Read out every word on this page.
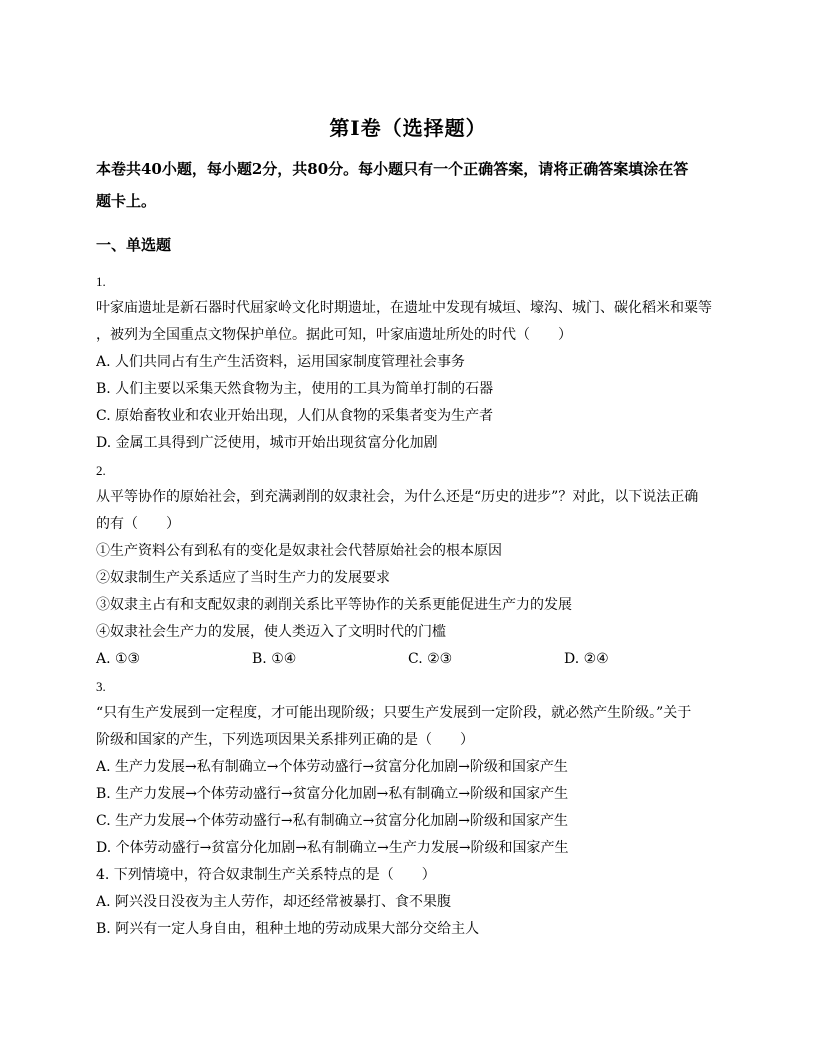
第Ⅰ卷（选择题）
本卷共40小题，每小题2分，共80分。每小题只有一个正确答案，请将正确答案填涂在答
题卡上。
一、单选题
1.
叶家庙遗址是新石器时代屈家岭文化时期遗址，在遗址中发现有城垣、壕沟、城门、碳化稻米和粟等
，被列为全国重点文物保护单位。据此可知，叶家庙遗址所处的时代（　　）
A. 人们共同占有生产生活资料，运用国家制度管理社会事务
B. 人们主要以采集天然食物为主，使用的工具为简单打制的石器
C. 原始畜牧业和农业开始出现，人们从食物的采集者变为生产者
D. 金属工具得到广泛使用，城市开始出现贫富分化加剧
2.
从平等协作的原始社会，到充满剥削的奴隶社会，为什么还是“历史的进步”？对此，以下说法正确
的有（　　）
①生产资料公有到私有的变化是奴隶社会代替原始社会的根本原因
②奴隶制生产关系适应了当时生产力的发展要求
③奴隶主占有和支配奴隶的剥削关系比平等协作的关系更能促进生产力的发展
④奴隶社会生产力的发展，使人类迈入了文明时代的门槛
A. ①③	B. ①④	C. ②③	D. ②④
3.
“只有生产发展到一定程度，才可能出现阶级；只要生产发展到一定阶段，就必然产生阶级。”关于
阶级和国家的产生，下列选项因果关系排列正确的是（　　）
A. 生产力发展→私有制确立→个体劳动盛行→贫富分化加剧→阶级和国家产生
B. 生产力发展→个体劳动盛行→贫富分化加剧→私有制确立→阶级和国家产生
C. 生产力发展→个体劳动盛行→私有制确立→贫富分化加剧→阶级和国家产生
D. 个体劳动盛行→贫富分化加剧→私有制确立→生产力发展→阶级和国家产生
4. 下列情境中，符合奴隶制生产关系特点的是（　　）
A. 阿兴没日没夜为主人劳作，却还经常被暴打、食不果腹
B. 阿兴有一定人身自由，租种土地的劳动成果大部分交给主人
